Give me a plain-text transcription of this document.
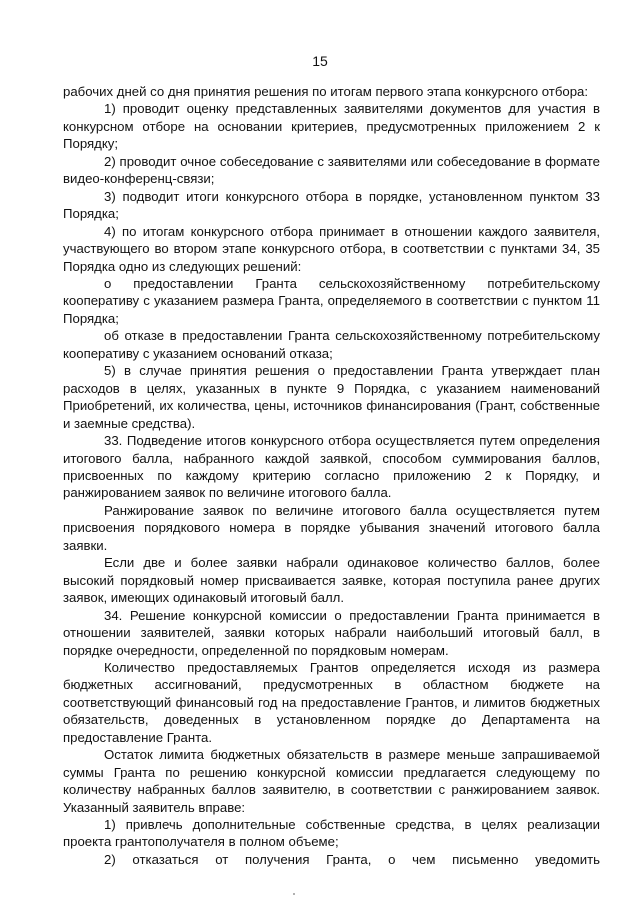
15

рабочих дней со дня принятия решения по итогам первого этапа конкурсного отбора:

1) проводит оценку представленных заявителями документов для участия в конкурсном отборе на основании критериев, предусмотренных приложением 2 к Порядку;

2) проводит очное собеседование с заявителями или собеседование в формате видео-конференц-связи;

3) подводит итоги конкурсного отбора в порядке, установленном пунктом 33 Порядка;

4) по итогам конкурсного отбора принимает в отношении каждого заявителя, участвующего во втором этапе конкурсного отбора, в соответствии с пунктами 34, 35 Порядка одно из следующих решений:

о предоставлении Гранта сельскохозяйственному потребительскому кооперативу с указанием размера Гранта, определяемого в соответствии с пунктом 11 Порядка;

об отказе в предоставлении Гранта сельскохозяйственному потребительскому кооперативу с указанием оснований отказа;

5) в случае принятия решения о предоставлении Гранта утверждает план расходов в целях, указанных в пункте 9 Порядка, с указанием наименований Приобретений, их количества, цены, источников финансирования (Грант, собственные и заемные средства).

33. Подведение итогов конкурсного отбора осуществляется путем определения итогового балла, набранного каждой заявкой, способом суммирования баллов, присвоенных по каждому критерию согласно приложению 2 к Порядку, и ранжированием заявок по величине итогового балла.

Ранжирование заявок по величине итогового балла осуществляется путем присвоения порядкового номера в порядке убывания значений итогового балла заявки.

Если две и более заявки набрали одинаковое количество баллов, более высокий порядковый номер присваивается заявке, которая поступила ранее других заявок, имеющих одинаковый итоговый балл.

34. Решение конкурсной комиссии о предоставлении Гранта принимается в отношении заявителей, заявки которых набрали наибольший итоговый балл, в порядке очередности, определенной по порядковым номерам.

Количество предоставляемых Грантов определяется исходя из размера бюджетных ассигнований, предусмотренных в областном бюджете на соответствующий финансовый год на предоставление Грантов, и лимитов бюджетных обязательств, доведенных в установленном порядке до Департамента на предоставление Гранта.

Остаток лимита бюджетных обязательств в размере меньше запрашиваемой суммы Гранта по решению конкурсной комиссии предлагается следующему по количеству набранных баллов заявителю, в соответствии с ранжированием заявок. Указанный заявитель вправе:

1) привлечь дополнительные собственные средства, в целях реализации проекта грантополучателя в полном объеме;

2) отказаться от получения Гранта, о чем письменно уведомить
